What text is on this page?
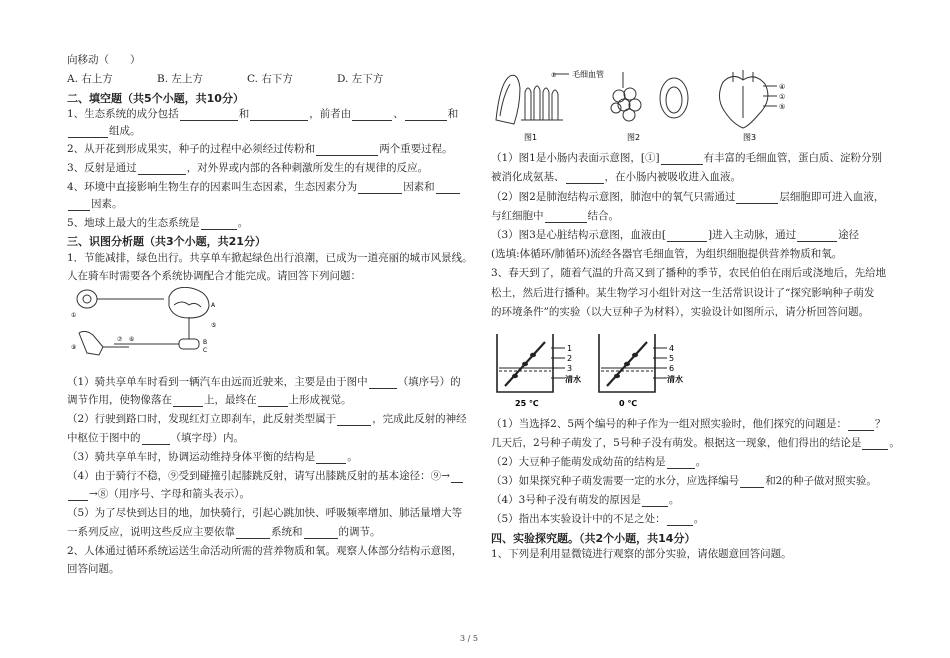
向移动（　　）
A. 右上方	B. 左上方	C. 右下方	D. 左下方
二、填空题（共5个小题，共10分）
1、生态系统的成分包括	和	，前者由	、	和
组成。
2、从开花到形成果实，种子的过程中必须经过传粉和	两个重要过程。
3、反射是通过	，对外界或内部的各种刺激所发生的有规律的反应。
4、环境中直接影响生物生存的因素叫生态因素，生态因素分为	因素和
因素。
5、地球上最大的生态系统是	。
三、识图分析题（共3个小题，共21分）
1．节能减排，绿色出行。共享单车掀起绿色出行浪潮，已成为一道亮丽的城市风景线。
人在骑车时需要各个系统协调配合才能完成。请回答下列问题：
A
⑤
B
C
⑨
⑦ ⑥
①
（1）骑共享单车时看到一辆汽车由远而近驶来，主要是由于图中	（填序号）的
调节作用，使物像落在	上，最终在	上形成视觉。
（2）行驶到路口时，发现红灯立即刹车，此反射类型属于	，完成此反射的神经
中枢位于图中的	（填字母）内。
（3）骑共享单车时，协调运动维持身体平衡的结构是	。
（4）由于骑行不稳，⑨受到碰撞引起膝跳反射，请写出膝跳反射的基本途径：⑨→
→⑧（用序号、字母和箭头表示）。
（5）为了尽快到达目的地，加快骑行，引起心跳加快、呼吸频率增加、肺活量增大等
一系列反应，说明这些反应主要依靠	系统和	的调节。
2、人体通过循环系统运送生命活动所需的营养物质和氧。观察人体部分结构示意图，
回答问题。
毛细血管
①
④
①
⑤
图1	图2	图3
（1）图1是小肠内表面示意图，[①]	有丰富的毛细血管，蛋白质、淀粉分别
被消化成氨基、	，在小肠内被吸收进入血液。
（2）图2是肺泡结构示意图，肺泡中的氧气只需通过	层细胞即可进入血液，
与红细胞中	结合。
（3）图3是心脏结构示意图，血液由[	]进入主动脉，通过	途径
(选填:体循环/肺循环)流经各器官毛细血管，为组织细胞提供营养物质和氧。
3、春天到了，随着气温的升高又到了播种的季节，农民伯伯在雨后或浇地后，先给地
松土，然后进行播种。某生物学习小组针对这一生活常识设计了“探究影响种子萌发
的环境条件”的实验（以大豆种子为材料），实验设计如图所示，请分析回答问题。
1
2
3
清水
4
5
6
清水
25 ℃	0 ℃
（1）当选择2、5两个编号的种子作为一组对照实验时，他们探究的问题是：	？
几天后，2号种子萌发了，5号种子没有萌发。根据这一现象，他们得出的结论是	。
（2）大豆种子能萌发成幼苗的结构是	。
（3）如果探究种子萌发需要一定的水分，应选择编号 和2的种子做对照实验。
（4）3号种子没有萌发的原因是	。
（5）指出本实验设计中的不足之处：	。
四、实验探究题。（共2个小题，共14分）
1、下列是利用显微镜进行观察的部分实验，请依题意回答问题。
3 / 5
